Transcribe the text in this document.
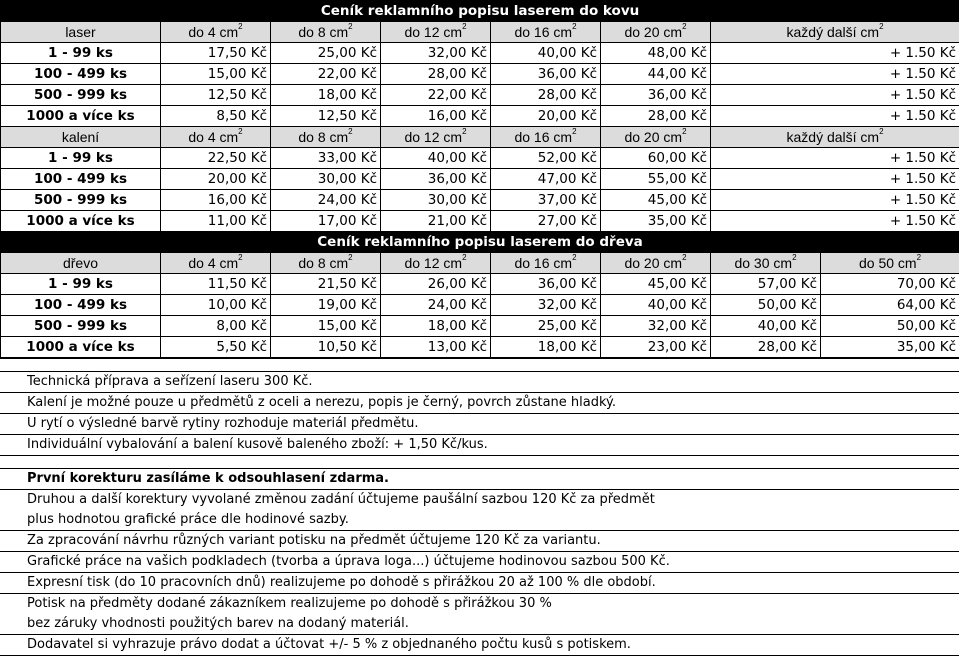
Ceník reklamního popisu laserem do kovu							
laser	do 4 $cm^2$	do 8 $cm^2$	do 12 $cm^2$	do 16 $cm^2$	do 20 $cm^2$	každý další $cm^2$
1 - 99 ks	17,50 Kč	25,00 Kč	32,00 Kč	40,00 Kč	48,00 Kč	+ 1.50 Kč	
100 - 499 ks	15,00 Kč	22,00 Kč	28,00 Kč	36,00 Kč	44,00 Kč	+ 1.50 Kč	
500 - 999 ks	12,50 Kč	18,00 Kč	22,00 Kč	28,00 Kč	36,00 Kč	+ 1.50 Kč	
1000 a více ks	8,50 Kč	12,50 Kč	16,00 Kč	20,00 Kč	28,00 Kč	+ 1.50 Kč	
kalení	do 4 $cm^2$	do 8 $cm^2$	do 12 $cm^2$	do 16 $cm^2$	do 20 $cm^2$	každý další $cm^2$
1 - 99 ks	22,50 Kč	33,00 Kč	40,00 Kč	52,00 Kč	60,00 Kč	+ 1.50 Kč	
100 - 499 ks	20,00 Kč	30,00 Kč	36,00 Kč	47,00 Kč	55,00 Kč	+ 1.50 Kč	
500 - 999 ks	16,00 Kč	24,00 Kč	30,00 Kč	37,00 Kč	45,00 Kč	+ 1.50 Kč	
1000 a více ks	11,00 Kč	17,00 Kč	21,00 Kč	27,00 Kč	35,00 Kč	+ 1.50 Kč	
Ceník reklamního popisu laserem do dřeva							
dřevo	do 4 $cm^2$	do 8 $cm^2$	do 12 $cm^2$	do 16 $cm^2$	do 20 $cm^2$	do 30 $cm^2$	do 50 $cm^2$
1 - 99 ks	11,50 Kč	21,50 Kč	26,00 Kč	36,00 Kč	45,00 Kč	57,00 Kč	70,00 Kč
100 - 499 ks	10,00 Kč	19,00 Kč	24,00 Kč	32,00 Kč	40,00 Kč	50,00 Kč	64,00 Kč
500 - 999 ks	8,00 Kč	15,00 Kč	18,00 Kč	25,00 Kč	32,00 Kč	40,00 Kč	50,00 Kč
1000 a více ks	5,50 Kč	10,50 Kč	13,00 Kč	18,00 Kč	23,00 Kč	28,00 Kč	35,00 Kč

Technická příprava a seřízení laseru 300 Kč.
Kalení je možné pouze u předmětů z oceli a nerezu, popis je černý, povrch zůstane hladký.
U rytí o výsledné barvě rytiny rozhoduje materiál předmětu.
Individuální vybalování a balení kusově baleného zboží: + 1,50 Kč/kus.

První korekturu zasíláme k odsouhlasení zdarma.

Druhou a další korektury vyvolané změnou zadání účtujeme paušální sazbou 120 Kč za předmět
plus hodnotou grafické práce dle hodinové sazby.

Za zpracování návrhu různých variant potisku na předmět účtujeme 120 Kč za variantu.
Grafické práce na vašich podkladech (tvorba a úprava loga...) účtujeme hodinovou sazbou 500 Kč.
Expresní tisk (do 10 pracovních dnů) realizujeme po dohodě s přirážkou 20 až 100 % dle období.

Potisk na předměty dodané zákazníkem realizujeme po dohodě s přirážkou 30 %
bez záruky vhodnosti použitých barev na dodaný materiál.

Dodavatel si vyhrazuje právo dodat a účtovat +/- 5 % z objednaného počtu kusů s potiskem.
